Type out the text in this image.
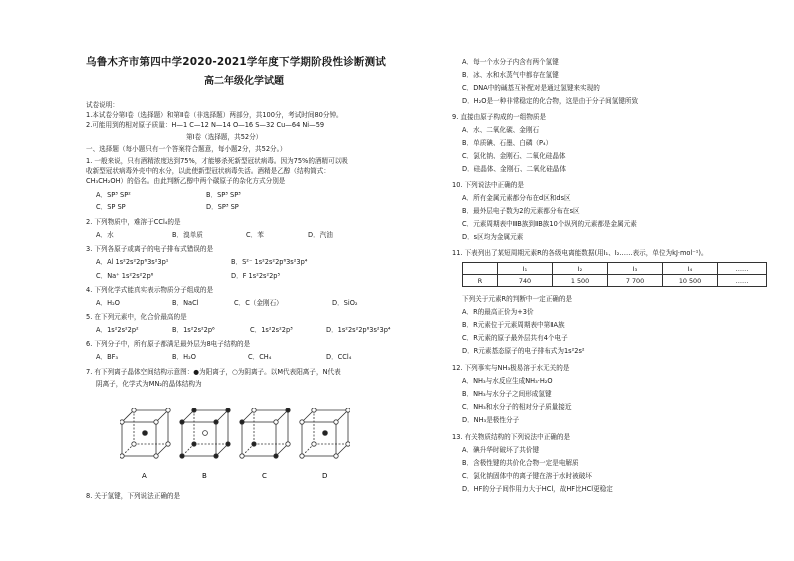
乌鲁木齐市第四中学2020-2021学年度下学期阶段性诊断测试
高二年级化学试题
试卷说明：
1.本试卷分第Ⅰ卷（选择题）和第Ⅱ卷（非选择题）两部分，共100分，考试时间80分钟。
2.可能用到的相对原子质量：H—1 C—12 N—14 O—16 S—32 Cu—64 Ni—59
第Ⅰ卷（选择题，共52分）
一、选择题（每小题只有一个答案符合题意，每小题2分，共52分。）
1. 一般来说，只有酒精浓度达到75%，才能够杀死新型冠状病毒。因为75%的酒精可以吸
收新型冠状病毒外壳中的水分，以此使新型冠状病毒失活。酒精是乙醇（结构简式：
CH₃CH₂OH）的俗名。由此判断乙醇中两个碳原子的杂化方式分别是
A．SP³ SP²	B．SP³ SP³
C．SP SP	D．SP³ SP
2. 下列物质中，难溶于CCl₄的是
A．水	B．溴单质	C．苯	D．汽油
3. 下列各原子或离子的电子排布式错误的是
A．Al 1s²2s²2p⁶3s²3p¹	B．S²⁻ 1s²2s²2p⁶3s²3p⁴
C．Na⁺ 1s²2s²2p⁶	D．F 1s²2s²2p⁵
4. 下列化学式能真实表示物质分子组成的是
A．H₂O	B．NaCl	C．C（金刚石）	D．SiO₂
5. 在下列元素中，化合价最高的是
A．1s²2s²2p²	B．1s²2s²2p⁶	C．1s²2s²2p³	D．1s²2s²2p⁶3s²3p⁴
6. 下列分子中，所有原子都满足最外层为8电子结构的是
A．BF₃	B．H₂O	C．CH₄	D．CCl₄
7. 有下列离子晶体空间结构示意图：●为阳离子，○为阴离子。以M代表阳离子，N代表
阴离子，化学式为MN₂的晶体结构为
8. 关于氢键，下列说法正确的是
A	B	C	D
A．每一个水分子内含有两个氢键
B．冰、水和水蒸气中都存在氢键
C．DNA中的碱基互补配对是通过氢键来实现的
D．H₂O是一种非常稳定的化合物，这是由于分子间氢键所致
9. 直接由原子构成的一组物质是
A．水、二氧化碳、金刚石
B．单质碘、石墨、白磷（P₄）
C．氯化钠、金刚石、二氧化硅晶体
D．硅晶体、金刚石、二氧化硅晶体
10. 下列说法中正确的是
A．所有金属元素都分布在d区和ds区
B．最外层电子数为2的元素都分布在s区
C．元素周期表中ⅢB族到ⅡB族10个纵列的元素都是金属元素
D．s区均为金属元素
11. 下表列出了某短周期元素R的各级电离能数据(用I₁、I₂……表示，单位为kJ·mol⁻¹)。
	I₁	I₂	I₃	I₄	……
R	740	1 500	7 700	10 500	……
下列关于元素R的判断中一定正确的是
A．R的最高正价为+3价
B．R元素位于元素周期表中第ⅡA族
C．R元素的原子最外层共有4个电子
D．R元素基态原子的电子排布式为1s²2s²
12. 下列事实与NH₃极易溶于水无关的是
A．NH₃与水反应生成NH₃·H₂O
B．NH₃与水分子之间形成氢键
C．NH₃和水分子的相对分子质量接近
D．NH₃是极性分子
13. 有关物质结构的下列说法中正确的是
A．碘升华时破坏了共价键
B．含极性键的共价化合物一定是电解质
C．氯化钠固体中的离子键在溶于水时被破坏
D．HF的分子间作用力大于HCl，故HF比HCl更稳定
